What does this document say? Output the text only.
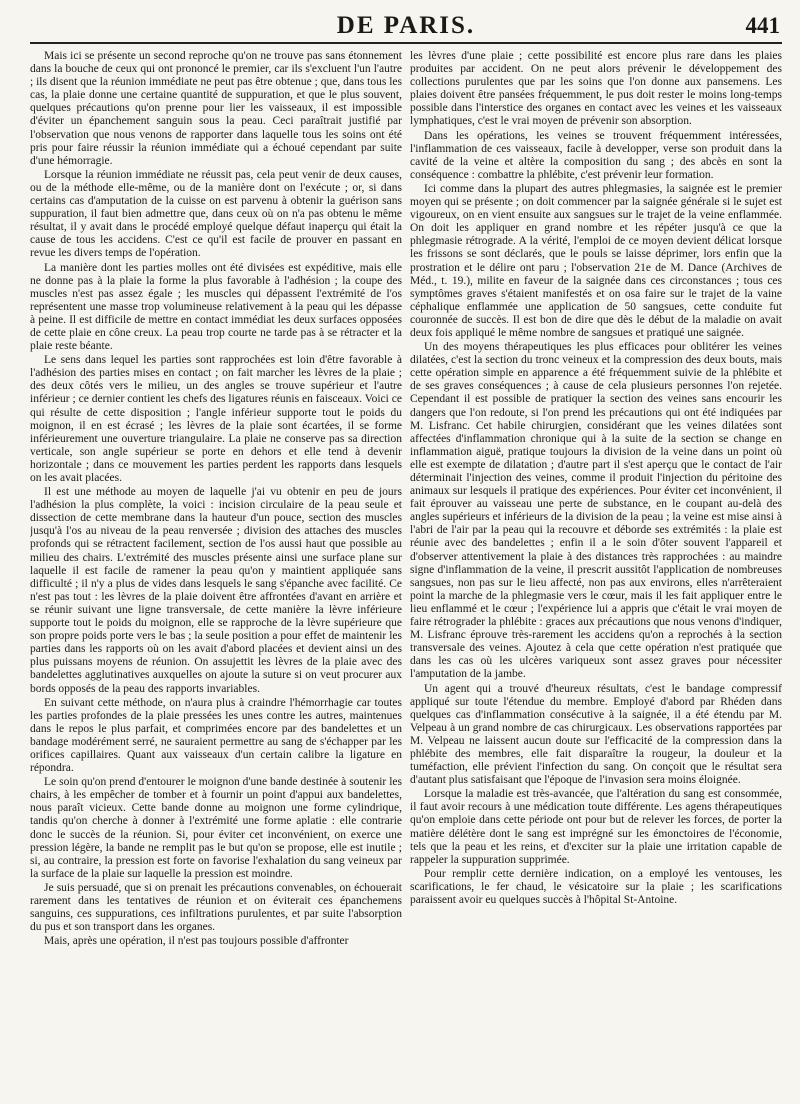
DE PARIS.	441

Mais ici se présente un second reproche qu'on ne trouve pas sans étonnement dans la bouche de ceux qui ont prononcé le premier, car ils s'excluent l'un l'autre ; ils disent que la réunion immédiate ne peut pas être obtenue ; que, dans tous les cas, la plaie donne une certaine quantité de suppuration, et que le plus souvent, quelques précautions qu'on prenne pour lier les vaisseaux, il est impossible d'éviter un épanchement sanguin sous la peau. Ceci paraîtrait justifié par l'observation que nous venons de rapporter dans laquelle tous les soins ont été pris pour faire réussir la réunion immédiate qui a échoué cependant par suite d'une hémorragie.

Lorsque la réunion immédiate ne réussit pas, cela peut venir de deux causes, ou de la méthode elle-même, ou de la manière dont on l'exécute ; or, si dans certains cas d'amputation de la cuisse on est parvenu à obtenir la guérison sans suppuration, il faut bien admettre que, dans ceux où on n'a pas obtenu le même résultat, il y avait dans le procédé employé quelque défaut inaperçu qui était la cause de tous les accidens. C'est ce qu'il est facile de prouver en passant en revue les divers temps de l'opération.

La manière dont les parties molles ont été divisées est expéditive, mais elle ne donne pas à la plaie la forme la plus favorable à l'adhésion ; la coupe des muscles n'est pas assez égale ; les muscles qui dépassent l'extrémité de l'os représentent une masse trop volumineuse relativement à la peau qui les dépasse à peine. Il est difficile de mettre en contact immédiat les deux surfaces opposées de cette plaie en cône creux. La peau trop courte ne tarde pas à se rétracter et la plaie reste béante.

Le sens dans lequel les parties sont rapprochées est loin d'être favorable à l'adhésion des parties mises en contact ; on fait marcher les lèvres de la plaie ; des deux côtés vers le milieu, un des angles se trouve supérieur et l'autre inférieur ; ce dernier contient les chefs des ligatures réunis en faisceaux. Voici ce qui résulte de cette disposition ; l'angle inférieur supporte tout le poids du moignon, il en est écrasé ; les lèvres de la plaie sont écartées, il se forme inférieurement une ouverture triangulaire. La plaie ne conserve pas sa direction verticale, son angle supérieur se porte en dehors et elle tend à devenir horizontale ; dans ce mouvement les parties perdent les rapports dans lesquels on les avait placées.

Il est une méthode au moyen de laquelle j'ai vu obtenir en peu de jours l'adhésion la plus complète, la voici : incision circulaire de la peau seule et dissection de cette membrane dans la hauteur d'un pouce, section des muscles jusqu'à l'os au niveau de la peau renversée ; division des attaches des muscles profonds qui se rétractent facilement, section de l'os aussi haut que possible au milieu des chairs. L'extrémité des muscles présente ainsi une surface plane sur laquelle il est facile de ramener la peau qu'on y maintient appliquée sans difficulté ; il n'y a plus de vides dans lesquels le sang s'épanche avec facilité. Ce n'est pas tout : les lèvres de la plaie doivent être affrontées d'avant en arrière et se réunir suivant une ligne transversale, de cette manière la lèvre inférieure supporte tout le poids du moignon, elle se rapproche de la lèvre supérieure que son propre poids porte vers le bas ; la seule position a pour effet de maintenir les parties dans les rapports où on les avait d'abord placées et devient ainsi un des plus puissans moyens de réunion. On assujettit les lèvres de la plaie avec des bandelettes agglutinatives auxquelles on ajoute la suture si on veut procurer aux bords opposés de la peau des rapports invariables.

En suivant cette méthode, on n'aura plus à craindre l'hémorrhagie car toutes les parties profondes de la plaie pressées les unes contre les autres, maintenues dans le repos le plus parfait, et comprimées encore par des bandelettes et un bandage modérément serré, ne sauraient permettre au sang de s'échapper par les orifices capillaires. Quant aux vaisseaux d'un certain calibre la ligature en répondra.

Le soin qu'on prend d'entourer le moignon d'une bande destinée à soutenir les chairs, à les empêcher de tomber et à fournir un point d'appui aux bandelettes, nous paraît vicieux. Cette bande donne au moignon une forme cylindrique, tandis qu'on cherche à donner à l'extrémité une forme aplatie : elle contrarie donc le succès de la réunion. Si, pour éviter cet inconvénient, on exerce une pression légère, la bande ne remplit pas le but qu'on se propose, elle est inutile ; si, au contraire, la pression est forte on favorise l'exhalation du sang veineux par la surface de la plaie sur laquelle la pression est moindre.

Je suis persuadé, que si on prenait les précautions convenables, on échouerait rarement dans les tentatives de réunion et on éviterait ces épanchemens sanguins, ces suppurations, ces infiltrations purulentes, et par suite l'absorption du pus et son transport dans les organes.

Mais, après une opération, il n'est pas toujours possible d'affronter

les lèvres d'une plaie ; cette possibilité est encore plus rare dans les plaies produites par accident. On ne peut alors prévenir le développement des collections purulentes que par les soins que l'on donne aux pansemens. Les plaies doivent être pansées fréquemment, le pus doit rester le moins long-temps possible dans l'interstice des organes en contact avec les veines et les vaisseaux lymphatiques, c'est le vrai moyen de prévenir son absorption.

Dans les opérations, les veines se trouvent fréquemment intéressées, l'inflammation de ces vaisseaux, facile à developper, verse son produit dans la cavité de la veine et altère la composition du sang ; des abcès en sont la conséquence : combattre la phlébite, c'est prévenir leur formation.

Ici comme dans la plupart des autres phlegmasies, la saignée est le premier moyen qui se présente ; on doit commencer par la saignée générale si le sujet est vigoureux, on en vient ensuite aux sangsues sur le trajet de la veine enflammée. On doit les appliquer en grand nombre et les répéter jusqu'à ce que la phlegmasie rétrograde. A la vérité, l'emploi de ce moyen devient délicat lorsque les frissons se sont déclarés, que le pouls se laisse déprimer, lors enfin que la prostration et le délire ont paru ; l'observation 21e de M. Dance (Archives de Méd., t. 19.), milite en faveur de la saignée dans ces circonstances ; tous ces symptômes graves s'étaient manifestés et on osa faire sur le trajet de la vaine céphalique enflammée une application de 50 sangsues, cette conduite fut couronnée de succès. Il est bon de dire que dès le début de la maladie on avait deux fois appliqué le même nombre de sangsues et pratiqué une saignée.

Un des moyens thérapeutiques les plus efficaces pour oblitérer les veines dilatées, c'est la section du tronc veineux et la compression des deux bouts, mais cette opération simple en apparence a été fréquemment suivie de la phlébite et de ses graves conséquences ; à cause de cela plusieurs personnes l'on rejetée. Cependant il est possible de pratiquer la section des veines sans encourir les dangers que l'on redoute, si l'on prend les précautions qui ont été indiquées par M. Lisfranc. Cet habile chirurgien, considérant que les veines dilatées sont affectées d'inflammation chronique qui à la suite de la section se change en inflammation aiguë, pratique toujours la division de la veine dans un point où elle est exempte de dilatation ; d'autre part il s'est aperçu que le contact de l'air déterminait l'injection des veines, comme il produit l'injection du péritoine des animaux sur lesquels il pratique des expériences. Pour éviter cet inconvénient, il fait éprouver au vaisseau une perte de substance, en le coupant au-delà des angles supérieurs et inférieurs de la division de la peau ; la veine est mise ainsi à l'abri de l'air par la peau qui la recouvre et déborde ses extrémités : la plaie est réunie avec des bandelettes ; enfin il a le soin d'ôter souvent l'appareil et d'observer attentivement la plaie à des distances très rapprochées : au maindre signe d'inflammation de la veine, il prescrit aussitôt l'application de nombreuses sangsues, non pas sur le lieu affecté, non pas aux environs, elles n'arrêteraient point la marche de la phlegmasie vers le cœur, mais il les fait appliquer entre le lieu enflammé et le cœur ; l'expérience lui a appris que c'était le vrai moyen de faire rétrograder la phlébite : graces aux précautions que nous venons d'indiquer, M. Lisfranc éprouve très-rarement les accidens qu'on a reprochés à la section transversale des veines. Ajoutez à cela que cette opération n'est pratiquée que dans les cas où les ulcères variqueux sont assez graves pour nécessiter l'amputation de la jambe.

Un agent qui a trouvé d'heureux résultats, c'est le bandage compressif appliqué sur toute l'étendue du membre. Employé d'abord par Rhéden dans quelques cas d'inflammation consécutive à la saignée, il a été étendu par M. Velpeau à un grand nombre de cas chirurgicaux. Les observations rapportées par M. Velpeau ne laissent aucun doute sur l'efficacité de la compression dans la phlébite des membres, elle fait disparaître la rougeur, la douleur et la tuméfaction, elle prévient l'infection du sang. On conçoit que le résultat sera d'autant plus satisfaisant que l'époque de l'invasion sera moins éloignée.

Lorsque la maladie est très-avancée, que l'altération du sang est consommée, il faut avoir recours à une médication toute différente. Les agens thérapeutiques qu'on emploie dans cette période ont pour but de relever les forces, de porter la matière délétère dont le sang est imprégné sur les émonctoires de l'économie, tels que la peau et les reins, et d'exciter sur la plaie une irritation capable de rappeler la suppuration supprimée.

Pour remplir cette dernière indication, on a employé les ventouses, les scarifications, le fer chaud, le vésicatoire sur la plaie ; les scarifications paraissent avoir eu quelques succès à l'hôpital St-Antoine.
